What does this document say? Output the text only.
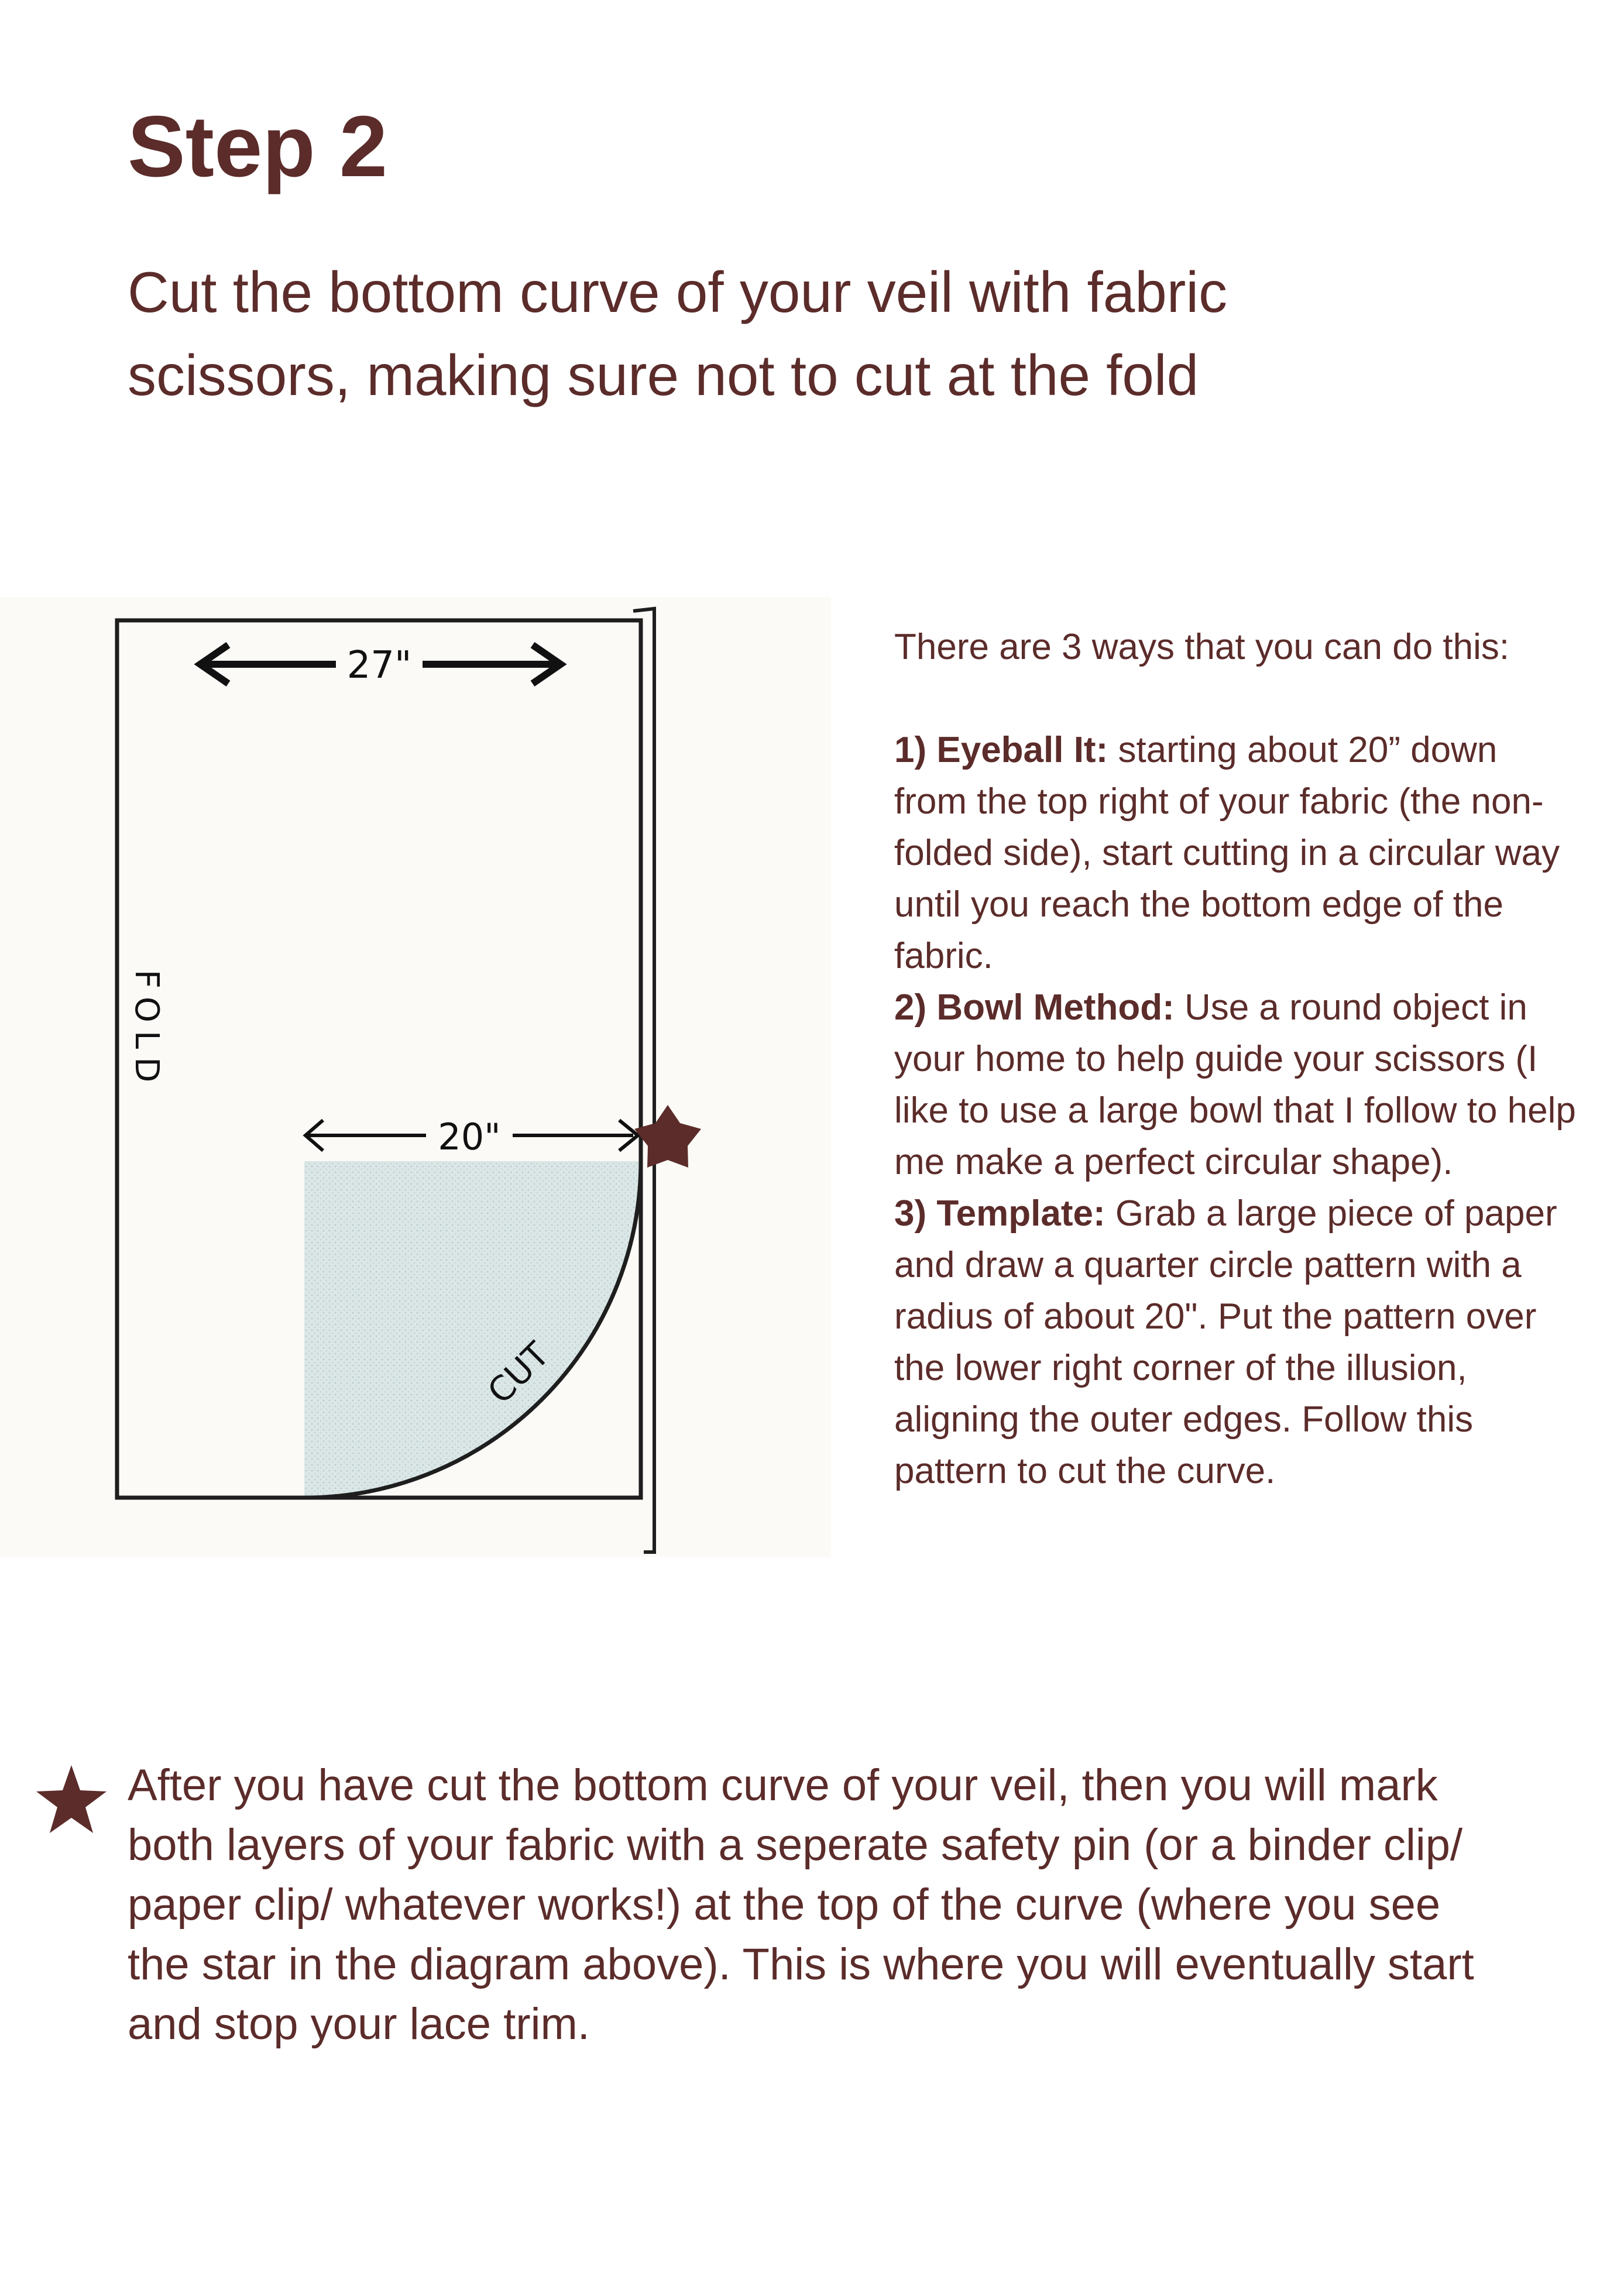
Step 2

Cut the bottom curve of your veil with fabric
scissors, making sure not to cut at the fold

27"
20"
FOLD
CUT

There are 3 ways that you can do this:

1) Eyeball It: starting about 20” down from the top right of your fabric (the non-folded side), start cutting in a circular way until you reach the bottom edge of the fabric.

2) Bowl Method: Use a round object in your home to help guide your scissors (I like to use a large bowl that I follow to help me make a perfect circular shape).

3) Template: Grab a large piece of paper and draw a quarter circle pattern with a radius of about 20". Put the pattern over the lower right corner of the illusion, aligning the outer edges. Follow this pattern to cut the curve.

After you have cut the bottom curve of your veil, then you will mark
both layers of your fabric with a seperate safety pin (or a binder clip/
paper clip/ whatever works!) at the top of the curve (where you see
the star in the diagram above). This is where you will eventually start
and stop your lace trim.
